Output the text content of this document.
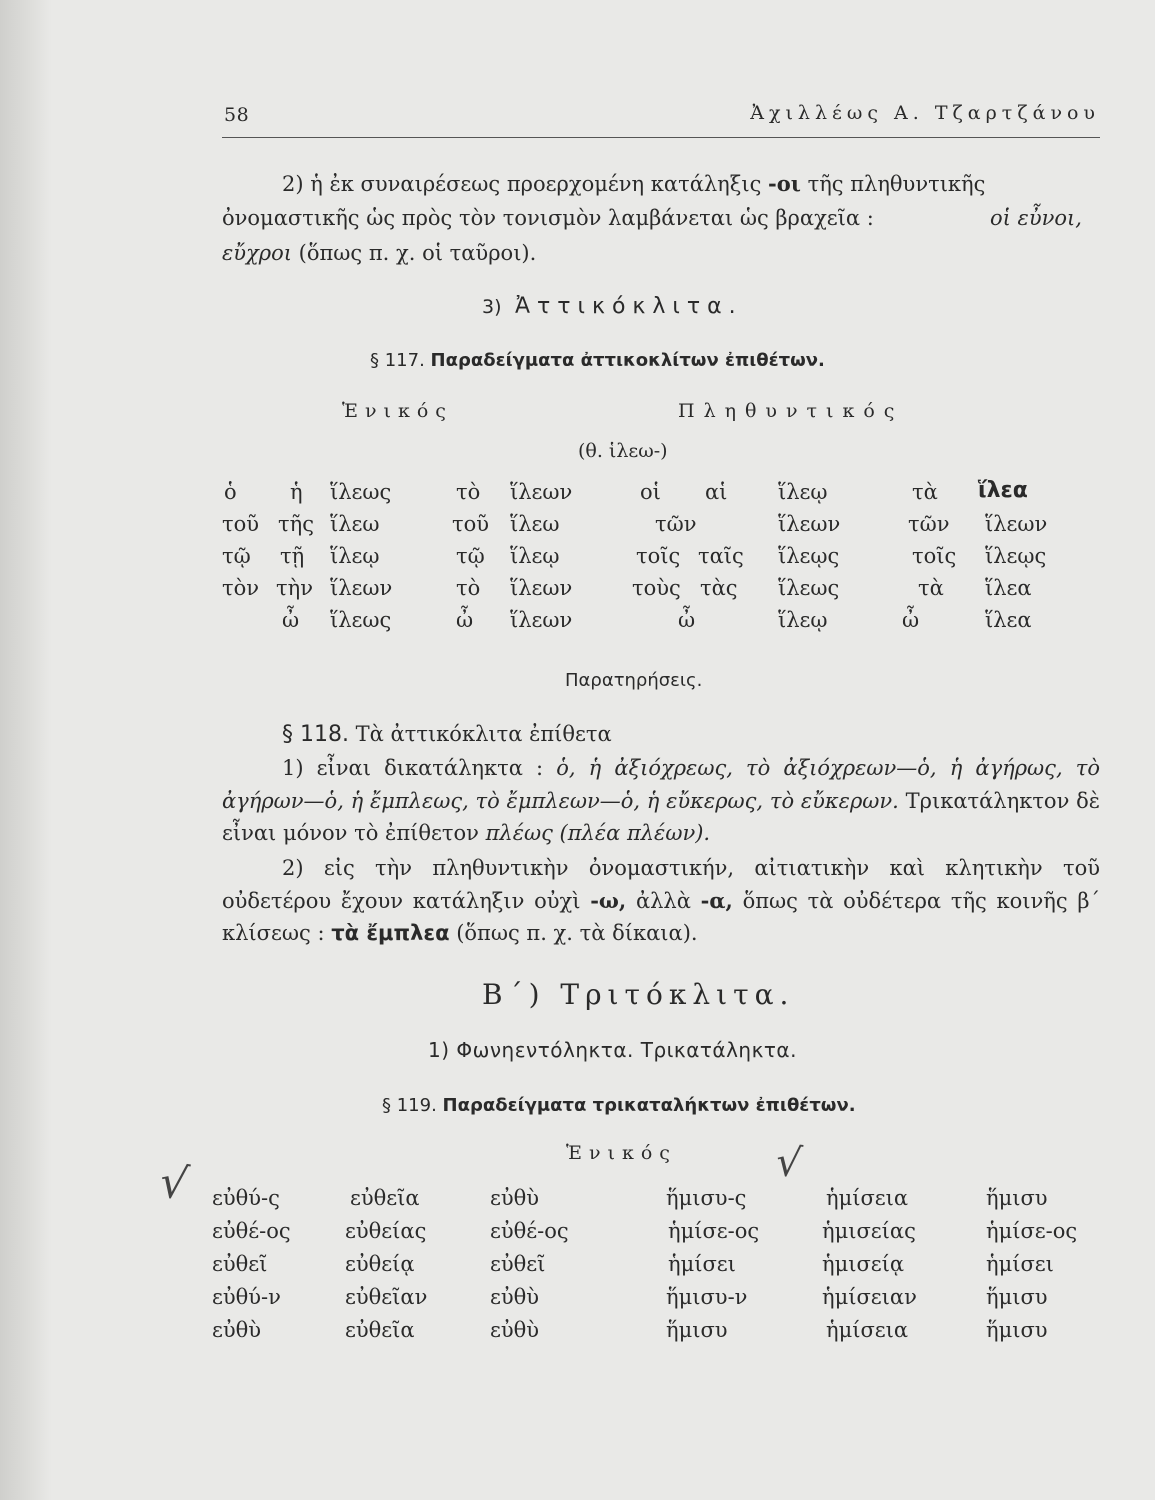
58	Ἀχιλλέως Α. Τζαρτζάνου
2) ἡ ἐκ συναιρέσεως προερχομένη κατάληξις -οι τῆς πληθυντικῆς
ὀνομαστικῆς ὡς πρὸς τὸν τονισμὸν λαμβάνεται ὡς βραχεῖα :	οἱ εὖνοι,
εὔχροι (ὅπως π. χ. οἱ ταῦροι).
3) Ἀττικόκλιτα.
§ 117. Παραδείγματα ἀττικοκλίτων ἐπιθέτων.
Ἑνικός	Πληθυντικός
(θ. ἱλεω-)
ὁ	ἡ ἵλεως	τὸ ἵλεων	οἱ αἱ ἵλεῳ	τὰ ἵλεα
τοῦ τῆς ἵλεω	τοῦ ἵλεω	τῶν	ἵλεων	τῶν ἵλεων
τῷ τῇ ἵλεῳ	τῷ ἵλεῳ	τοῖς ταῖς ἵλεῳς	τοῖς ἵλεῳς
τὸν τὴν ἵλεων	τὸ ἵλεων	τοὺς τὰς ἵλεως	τὰ ἵλεα
ὦ ἵλεως	ὦ ἵλεων	ὦ	ἵλεῳ	ὦ	ἵλεα
Παρατηρήσεις.
§ 118. Τὰ ἀττικόκλιτα ἐπίθετα
1) εἶναι δικατάληκτα : ὁ, ἡ ἀξιόχρεως, τὸ ἀξιόχρεων—ὁ, ἡ ἀγήρως, τὸ ἀγήρων—ὁ, ἡ ἔμπλεως, τὸ ἔμπλεων—ὁ, ἡ εὔκερως, τὸ εὔκερων. Τρικατάληκτον δὲ εἶναι μόνον τὸ ἐπίθετον πλέως (πλέα πλέων).
2) εἰς τὴν πληθυντικὴν ὀνομαστικήν, αἰτιατικὴν καὶ κλητικὴν τοῦ οὐδετέρου ἔχουν κατάληξιν οὐχὶ -ω, ἀλλὰ -α, ὅπως τὰ οὐδέτερα τῆς κοινῆς β΄ κλίσεως : τὰ ἔμπλεα (ὅπως π. χ. τὰ δίκαια).
Β΄) Τριτόκλιτα.
1) Φωνηεντόληκτα. Τρικατάληκτα.
§ 119. Παραδείγματα τρικαταλήκτων ἐπιθέτων.
Ἑνικός
εὐθύ-ς	εὐθεῖα	εὐθὺ	ἥμισυ-ς	ἡμίσεια	ἥμισυ
εὐθέ-ος	εὐθείας	εὐθέ-ος	ἡμίσε-ος	ἡμισείας	ἡμίσε-ος
εὐθεῖ	εὐθείᾳ	εὐθεῖ	ἡμίσει	ἡμισείᾳ	ἡμίσει
εὐθύ-ν	εὐθεῖαν	εὐθὺ	ἥμισυ-ν	ἡμίσειαν	ἥμισυ
εὐθὺ	εὐθεῖα	εὐθὺ	ἥμισυ	ἡμίσεια	ἥμισυ
√	√
